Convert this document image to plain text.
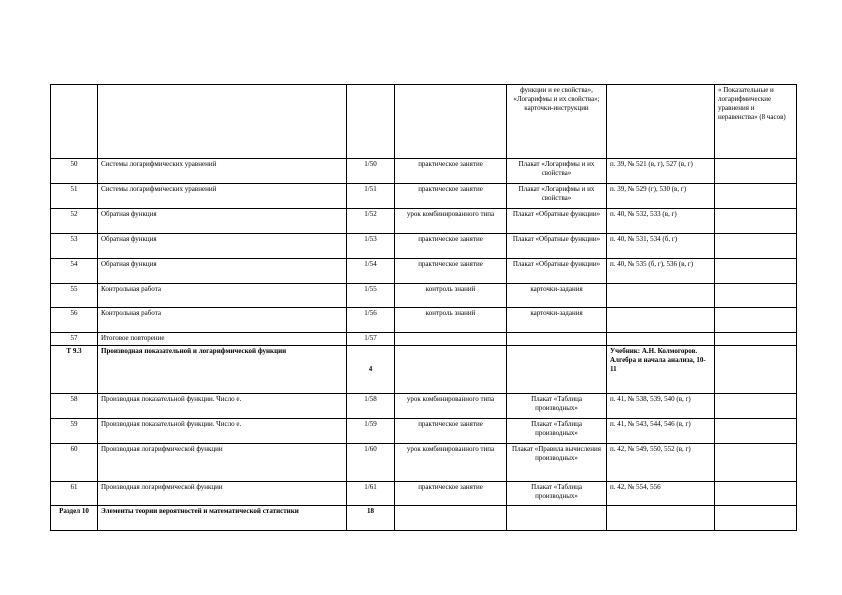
				функции и ее свойства», «Логарифмы и их свойства»; карточки-инструкции		« Показательные и логарифмические уравнения и неравенства» (8 часов)
50	Системы логарифмических уравнений	1/50	практическое занятие	Плакат «Логарифмы и их свойства»	п. 39, № 521 (в, г), 527 (в, г)	
51	Системы логарифмических уравнений	1/51	практическое занятие	Плакат «Логарифмы и их свойства»	п. 39, № 529 (г), 530 (в, г)	
52	Обратная функция	1/52	урок комбинированного типа	Плакат «Обратные функции»	п. 40, № 532, 533 (в, г)	
53	Обратная функция	1/53	практическое занятие	Плакат «Обратные функции»	п. 40, № 531, 534 (б, г)	
54	Обратная функция	1/54	практическое занятие	Плакат «Обратные функции»	п. 40, № 535 (б, г), 536 (в, г)	
55	Контрольная работа	1/55	контроль знаний	карточки-задания		
56	Контрольная работа	1/56	контроль знаний	карточки-задания		
57	Итоговое повторение	1/57				
Т 9.3	Производная показательной и логарифмической функции	4			Учебник: А.Н. Колмогоров. Алгебра и начала анализа, 10-11	
58	Производная показательной функции. Число е.	1/58	урок комбинированного типа	Плакат «Таблица производных»	п. 41, № 538, 539, 540 (в, г)	
59	Производная показательной функции. Число е.	1/59	практическое занятие	Плакат «Таблица производных»	п. 41, № 543, 544, 546 (в, г)	
60	Производная логарифмической функции	1/60	урок комбинированного типа	Плакат «Правила вычисления производных»	п. 42, № 549, 550, 552 (в, г)	
61	Производная логарифмической функции	1/61	практическое занятие	Плакат «Таблица производных»	п. 42, № 554, 556	
Раздел 10	Элементы теории вероятностей и математической статистики	18				
